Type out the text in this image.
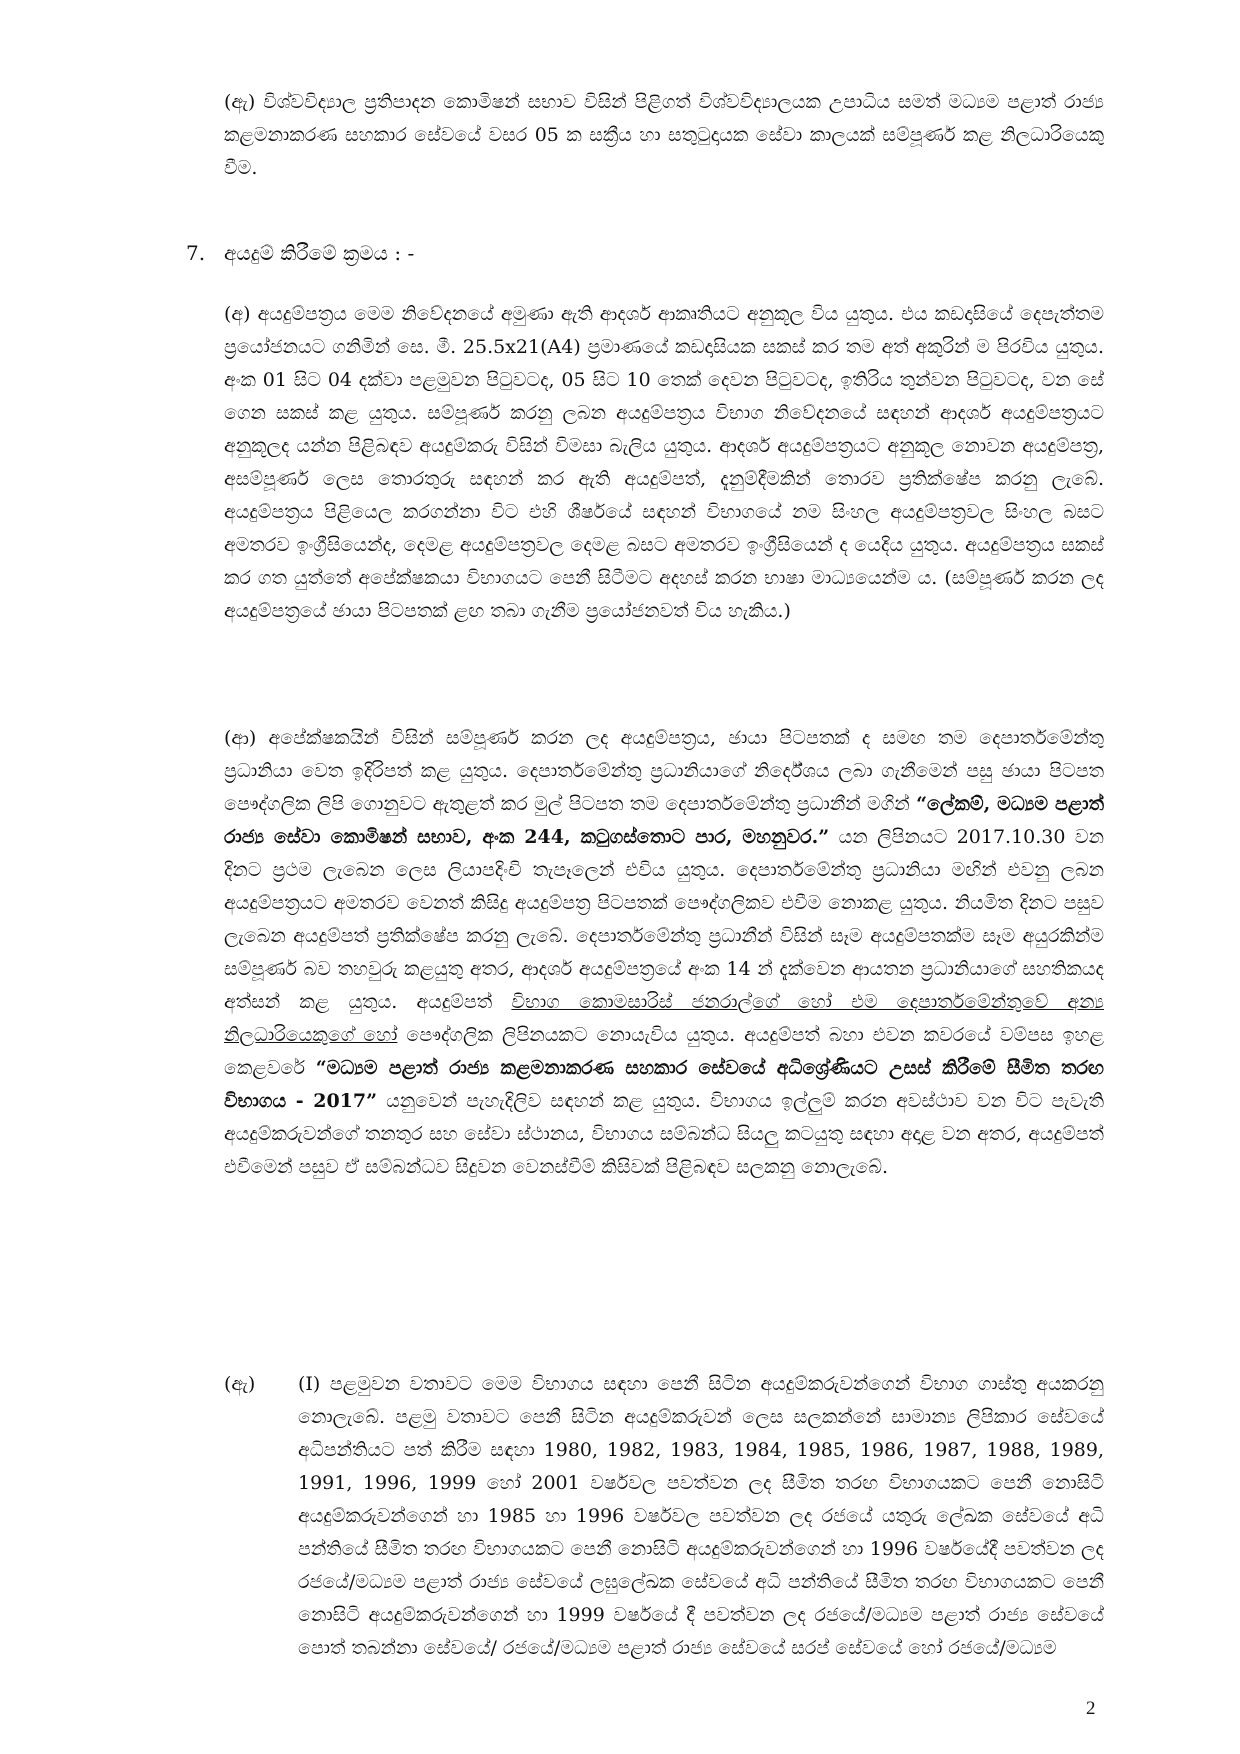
(ඇ) විශ්වවිද්‍යාල ප්‍රතිපාදන කොමිෂන් සභාව විසින් පිළිගත් විශ්වවිද්‍යාලයක උපාධිය සමත් මධ්‍යම පළාත් රාජ්‍ය කළමනාකරණ සහකාර සේවයේ වසර 05 ක සක්‍රීය හා සතුටුදායක සේවා කාලයක් සම්පූර්ණ කළ නිලධාරියෙකු වීම.
7. අයදුම් කිරීමේ ක්‍රමය : -
(අ) අයදුම්පත්‍රය මෙම නිවේදනයේ අමුණා ඇති ආදර්ශ ආකෘතියට අනුකූල විය යුතුය. එය කඩදාසියේ දෙපැත්තම ප්‍රයෝජනයට ගනිමින් සෙ. මී. 25.5x21(A4) ප්‍රමාණයේ කඩදාසියක සකස් කර තම අත් අකුරින් ම පිරවිය යුතුය. අංක 01 සිට 04 දක්වා පළමුවන පිටුවටද, 05 සිට 10 තෙක් දෙවන පිටුවටද, ඉතිරිය තුන්වන පිටුවටද, වන සේ ගෙන සකස් කළ යුතුය. සම්පූර්ණ කරනු ලබන අයදුම්පත්‍රය විභාග නිවේදනයේ සඳහන් ආදර්ශ අයදුම්පත්‍රයට අනුකූලද යන්න පිළිබඳව අයදුම්කරු විසින් විමසා බැලිය යුතුය. ආදර්ශ අයදුම්පත්‍රයට අනුකූල නොවන අයදුම්පත්‍ර, අසම්පූර්ණ ලෙස තොරතුරු සඳහන් කර ඇති අයදුම්පත්, දැනුම්දීමකින් තොරව ප්‍රතික්ෂේප කරනු ලැබේ. අයදුම්පත්‍රය පිළියෙල කරගන්නා විට එහි ශීර්ෂයේ සඳහන් විභාගයේ නම සිංහල අයදුම්පත්‍රවල සිංහල බසට අමතරව ඉංග්‍රීසියෙන්ද, දෙමළ අයදුම්පත්‍රවල දෙමළ බසට අමතරව ඉංග්‍රීසියෙන් ද යෙදිය යුතුය. අයදුම්පත්‍රය සකස් කර ගත යුත්තේ අපේක්ෂකයා විභාගයට පෙනී සිටීමට අදහස් කරන භාෂා මාධ්‍යයෙන්ම ය. (සම්පූර්ණ කරන ලද අයදුම්පත්‍රයේ ඡායා පිටපතක් ළඟ තබා ගැනීම ප්‍රයෝජනවත් විය හැකිය.)
(ආ) අපේක්ෂකයින් විසින් සම්පූර්ණ කරන ලද අයදුම්පත්‍රය, ඡායා පිටපතක් ද සමඟ තම දෙපාර්තමේන්තු ප්‍රධානියා වෙත ඉදිරිපත් කළ යුතුය. දෙපාර්තමේන්තු ප්‍රධානියාගේ නිර්දේශය ලබා ගැනීමෙන් පසු ඡායා පිටපත පෞද්ගලික ලිපි ගොනුවට ඇතුළත් කර මුල් පිටපත තම දෙපාර්තමේන්තු ප්‍රධානීන් මගින් “ලේකම්, මධ්‍යම පළාත් රාජ්‍ය සේවා කොමිෂන් සභාව, අංක 244, කටුගස්තොට පාර, මහනුවර.” යන ලිපිනයට 2017.10.30 වන දිනට ප්‍රථම ලැබෙන ලෙස ලියාපදිංචි තැපෑලෙන් එවිය යුතුය. දෙපාර්තමේන්තු ප්‍රධානියා මඟින් එවනු ලබන අයදුම්පත්‍රයට අමතරව වෙනත් කිසිදු අයදුම්පත්‍ර පිටපතක් පෞද්ගලිකව එවීම නොකළ යුතුය. නියමිත දිනට පසුව ලැබෙන අයදුම්පත් ප්‍රතික්ෂේප කරනු ලැබේ. දෙපාර්තමේන්තු ප්‍රධානීන් විසින් සෑම අයදුම්පතක්ම සෑම අයුරකින්ම සම්පූර්ණ බව තහවුරු කළයුතු අතර, ආදර්ශ අයදුම්පත්‍රයේ අංක 14 න් දැක්වෙන ආයතන ප්‍රධානියාගේ සහතිකයද අත්සන් කළ යුතුය. අයදුම්පත් විභාග කොමසාරිස් ජනරාල්ගේ හෝ එම දෙපාර්තමේන්තුවේ අන්‍ය නිලධාරියෙකුගේ හෝ පෞද්ගලික ලිපිනයකට නොයැවිය යුතුය. අයදුම්පත් බහා එවන කවරයේ වම්පස ඉහළ කෙළවරේ “මධ්‍යම පළාත් රාජ්‍ය කළමනාකරණ සහකාර සේවයේ අධිශ්‍රේණියට උසස් කිරීමේ සීමිත තරඟ විභාගය - 2017” යනුවෙන් පැහැදිලිව සඳහන් කළ යුතුය. විභාගය ඉල්ලුම් කරන අවස්ථාව වන විට පැවැති අයදුම්කරුවන්ගේ තනතුර සහ සේවා ස්ථානය, විභාගය සම්බන්ධ සියලු කටයුතු සඳහා අදාළ වන අතර, අයදුම්පත් එවීමෙන් පසුව ඒ සම්බන්ධව සිදුවන වෙනස්වීම් කිසිවක් පිළිබඳව සලකනු නොලැබේ.
(ඇ)	(I) පළමුවන වතාවට මෙම විභාගය සඳහා පෙනී සිටින අයදුම්කරුවන්ගෙන් විභාග ගාස්තු අයකරනු නොලැබේ. පළමු වතාවට පෙනී සිටින අයදුම්කරුවන් ලෙස සලකන්නේ සාමාන්‍ය ලිපිකාර සේවයේ අධිපන්තියට පත් කිරීම සඳහා 1980, 1982, 1983, 1984, 1985, 1986, 1987, 1988, 1989, 1991, 1996, 1999 හෝ 2001 වර්ෂවල පවත්වන ලද සීමිත තරඟ විභාගයකට පෙනී නොසිටි අයදුම්කරුවන්ගෙන් හා 1985 හා 1996 වර්ෂවල පවත්වන ලද රජයේ යතුරු ලේඛක සේවයේ අධි පන්තියේ සීමිත තරඟ විභාගයකට පෙනී නොසිටි අයදුම්කරුවන්ගෙන් හා 1996 වර්ෂයේදී පවත්වන ලද රජයේ/මධ්‍යම පළාත් රාජ්‍ය සේවයේ ලඝුලේඛක සේවයේ අධි පන්තියේ සීමිත තරඟ විභාගයකට පෙනී නොසිටි අයදුම්කරුවන්ගෙන් හා 1999 වර්ෂයේ දී පවත්වන ලද රජයේ/මධ්‍යම පළාත් රාජ්‍ය සේවයේ පොත් තබන්නා සේවයේ/ රජයේ/මධ්‍යම පළාත් රාජ්‍ය සේවයේ සරප් සේවයේ හෝ රජයේ/මධ්‍යම
2
